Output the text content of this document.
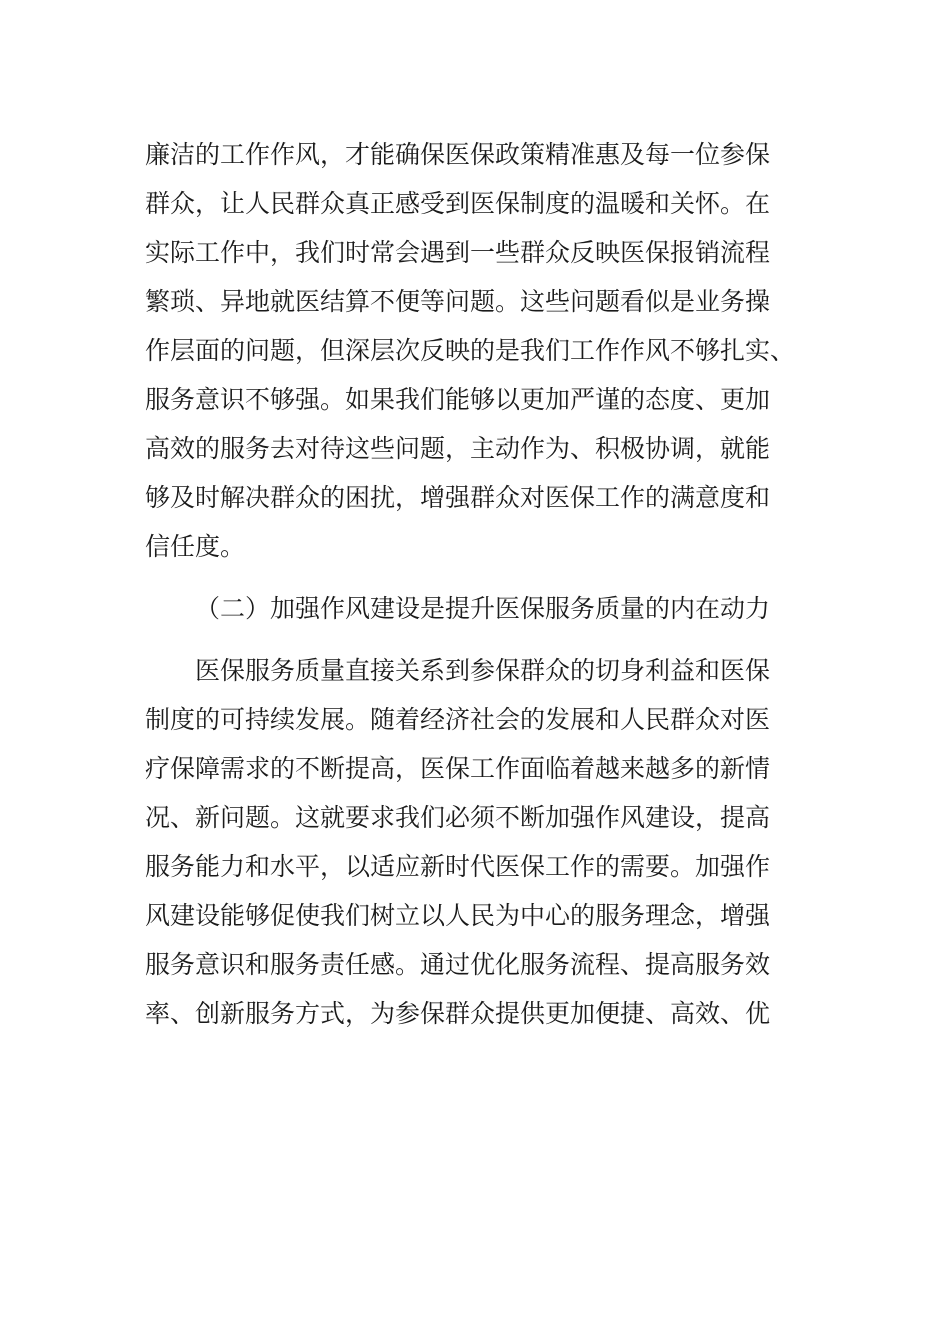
廉洁的工作作风，才能确保医保政策精准惠及每一位参保
群众，让人民群众真正感受到医保制度的温暖和关怀。在
实际工作中，我们时常会遇到一些群众反映医保报销流程
繁琐、异地就医结算不便等问题。这些问题看似是业务操
作层面的问题，但深层次反映的是我们工作作风不够扎实、
服务意识不够强。如果我们能够以更加严谨的态度、更加
高效的服务去对待这些问题，主动作为、积极协调，就能
够及时解决群众的困扰，增强群众对医保工作的满意度和
信任度。
（二）加强作风建设是提升医保服务质量的内在动力
医保服务质量直接关系到参保群众的切身利益和医保
制度的可持续发展。随着经济社会的发展和人民群众对医
疗保障需求的不断提高，医保工作面临着越来越多的新情
况、新问题。这就要求我们必须不断加强作风建设，提高
服务能力和水平，以适应新时代医保工作的需要。加强作
风建设能够促使我们树立以人民为中心的服务理念，增强
服务意识和服务责任感。通过优化服务流程、提高服务效
率、创新服务方式，为参保群众提供更加便捷、高效、优
